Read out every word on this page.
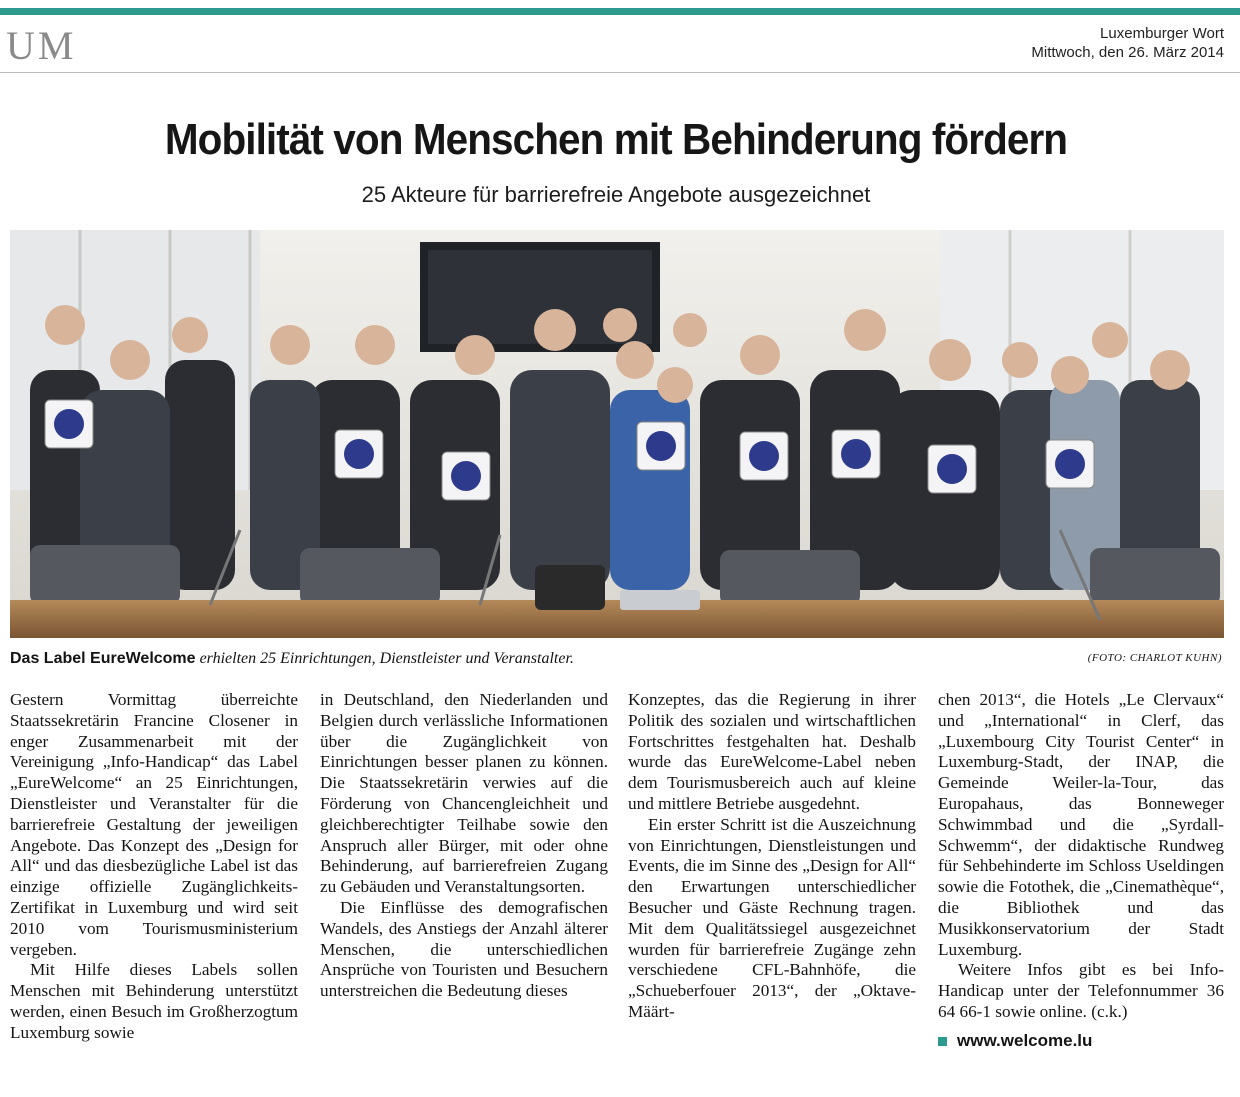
UM	Luxemburger Wort
Mittwoch, den 26. März 2014
Mobilität von Menschen mit Behinderung fördern
25 Akteure für barrierefreie Angebote ausgezeichnet
Das Label EureWelcome erhielten 25 Einrichtungen, Dienstleister und Veranstalter.	(FOTO: CHARLOT KUHN)

Gestern Vormittag überreichte Staatssekretärin Francine Closener in enger Zusammenarbeit mit der Vereinigung „Info-Handicap“ das Label „EureWelcome“ an 25 Einrichtungen, Dienstleister und Veranstalter für die barrierefreie Gestaltung der jeweiligen Angebote. Das Konzept des „Design for All“ und das diesbezügliche Label ist das einzige offizielle Zugänglichkeits-Zertifikat in Luxemburg und wird seit 2010 vom Tourismusministerium vergeben.

Mit Hilfe dieses Labels sollen Menschen mit Behinderung unterstützt werden, einen Besuch im Großherzogtum Luxemburg sowie

in Deutschland, den Niederlanden und Belgien durch verlässliche Informationen über die Zugänglichkeit von Einrichtungen besser planen zu können. Die Staatssekretärin verwies auf die Förderung von Chancengleichheit und gleichberechtigter Teilhabe sowie den Anspruch aller Bürger, mit oder ohne Behinderung, auf barrierefreien Zugang zu Gebäuden und Veranstaltungsorten.

Die Einflüsse des demografischen Wandels, des Anstiegs der Anzahl älterer Menschen, die unterschiedlichen Ansprüche von Touristen und Besuchern unterstreichen die Bedeutung dieses

Konzeptes, das die Regierung in ihrer Politik des sozialen und wirtschaftlichen Fortschrittes festgehalten hat. Deshalb wurde das EureWelcome-Label neben dem Tourismusbereich auch auf kleine und mittlere Betriebe ausgedehnt.

Ein erster Schritt ist die Auszeichnung von Einrichtungen, Dienstleistungen und Events, die im Sinne des „Design for All“ den Erwartungen unterschiedlicher Besucher und Gäste Rechnung tragen. Mit dem Qualitätssiegel ausgezeichnet wurden für barrierefreie Zugänge zehn verschiedene CFL-Bahnhöfe, die „Schueberfouer 2013“, der „Oktave-Määrt-

chen 2013“, die Hotels „Le Clervaux“ und „International“ in Clerf, das „Luxembourg City Tourist Center“ in Luxemburg-Stadt, der INAP, die Gemeinde Weiler-la-Tour, das Europahaus, das Bonneweger Schwimmbad und die „Syrdall-Schwemm“, der didaktische Rundweg für Sehbehinderte im Schloss Useldingen sowie die Fotothek, die „Cinemathèque“, die Bibliothek und das Musikkonservatorium der Stadt Luxemburg.

Weitere Infos gibt es bei Info-Handicap unter der Telefonnummer 36 64 66-1 sowie online. (c.k.)

www.welcome.lu
